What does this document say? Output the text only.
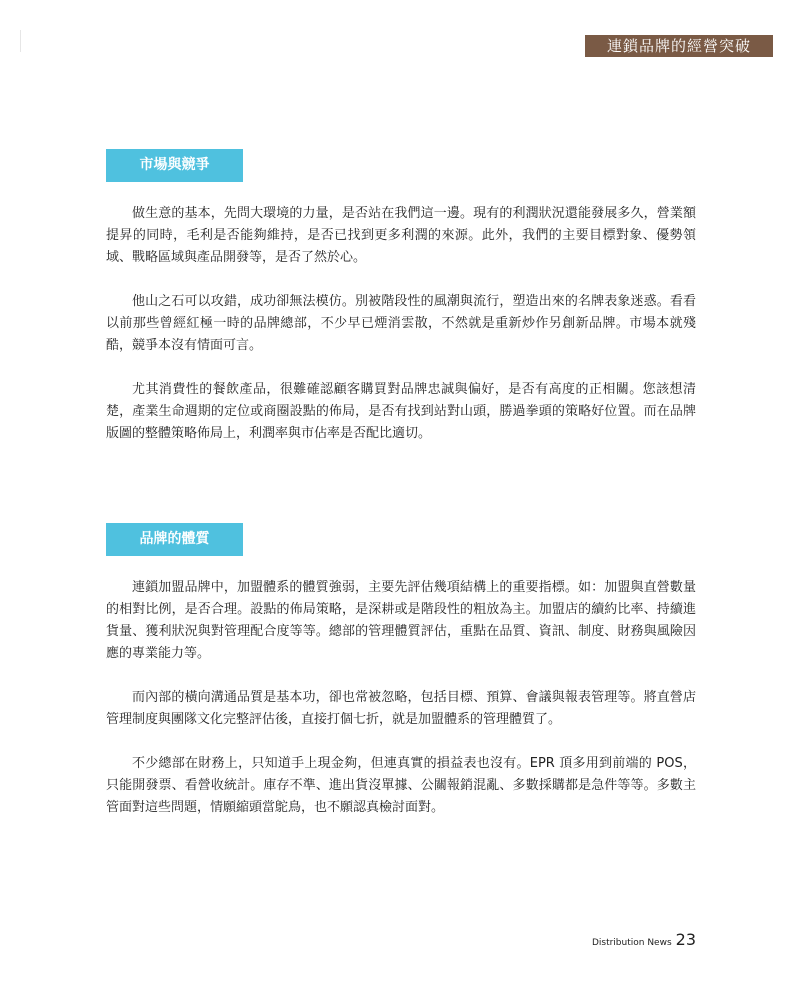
連鎖品牌的經營突破
市場與競爭

做生意的基本，先問大環境的力量，是否站在我們這一邊。現有的利潤狀況還能發展多久，營業額提昇的同時，毛利是否能夠維持，是否已找到更多利潤的來源。此外，我們的主要目標對象、優勢領域、戰略區域與產品開發等，是否了然於心。

他山之石可以攻錯，成功卻無法模仿。別被階段性的風潮與流行，塑造出來的名牌表象迷惑。看看以前那些曾經紅極一時的品牌總部，不少早已煙消雲散，不然就是重新炒作另創新品牌。市場本就殘酷，競爭本沒有情面可言。

尤其消費性的餐飲產品，很難確認顧客購買對品牌忠誠與偏好，是否有高度的正相關。您該想清楚，產業生命週期的定位或商圈設點的佈局，是否有找到站對山頭，勝過拳頭的策略好位置。而在品牌版圖的整體策略佈局上，利潤率與市佔率是否配比適切。

品牌的體質

連鎖加盟品牌中，加盟體系的體質強弱，主要先評估幾項結構上的重要指標。如：加盟與直營數量的相對比例，是否合理。設點的佈局策略，是深耕或是階段性的粗放為主。加盟店的續約比率、持續進貨量、獲利狀況與對管理配合度等等。總部的管理體質評估，重點在品質、資訊、制度、財務與風險因應的專業能力等。

而內部的橫向溝通品質是基本功，卻也常被忽略，包括目標、預算、會議與報表管理等。將直營店管理制度與團隊文化完整評估後，直接打個七折，就是加盟體系的管理體質了。

不少總部在財務上，只知道手上現金夠，但連真實的損益表也沒有。EPR 頂多用到前端的 POS，只能開發票、看營收統計。庫存不準、進出貨沒單據、公關報銷混亂、多數採購都是急件等等。多數主管面對這些問題，情願縮頭當鴕鳥，也不願認真檢討面對。

Distribution News 23
